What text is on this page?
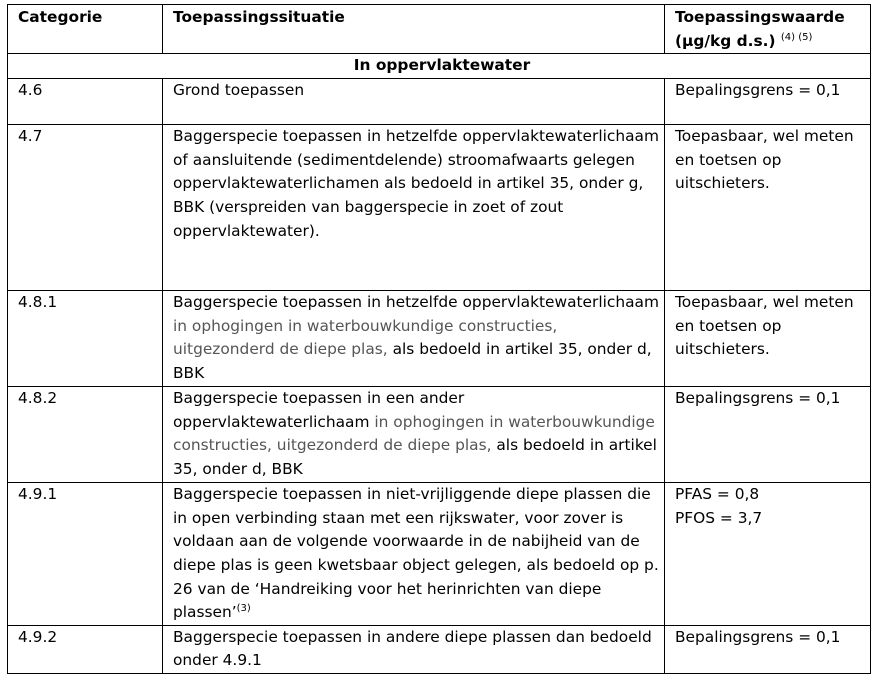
Categorie	Toepassingssituatie	Toepassingswaarde
(µg/kg d.s.) $^{(4) (5)}$
In oppervlaktewater		
4.6	Grond toepassen	Bepalingsgrens = 0,1
4.7	Baggerspecie toepassen in hetzelfde oppervlaktewaterlichaam of aansluitende (sedimentdelende) stroomafwaarts gelegen oppervlaktewaterlichamen als bedoeld in artikel 35, onder g, BBK (verspreiden van baggerspecie in zoet of zout oppervlaktewater).	Toepasbaar, wel meten en toetsen op uitschieters.
4.8.1	Baggerspecie toepassen in hetzelfde oppervlaktewaterlichaam in ophogingen in waterbouwkundige constructies, uitgezonderd de diepe plas, als bedoeld in artikel 35, onder d, BBK	Toepasbaar, wel meten en toetsen op uitschieters.
4.8.2	Baggerspecie toepassen in een ander oppervlaktewaterlichaam in ophogingen in waterbouwkundige constructies, uitgezonderd de diepe plas, als bedoeld in artikel 35, onder d, BBK	Bepalingsgrens = 0,1
4.9.1	Baggerspecie toepassen in niet-vrijliggende diepe plassen die in open verbinding staan met een rijkswater, voor zover is voldaan aan de volgende voorwaarde in de nabijheid van de diepe plas is geen kwetsbaar object gelegen, als bedoeld op p. 26 van de ‘Handreiking voor het herinrichten van diepe plassen’$^{(3)}$	PFAS = 0,8
PFOS = 3,7
4.9.2	Baggerspecie toepassen in andere diepe plassen dan bedoeld onder 4.9.1	Bepalingsgrens = 0,1
